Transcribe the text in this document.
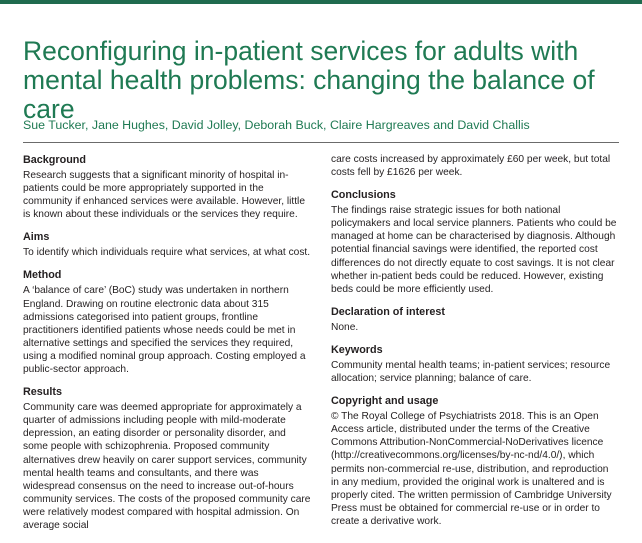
Reconfiguring in-patient services for adults with mental health problems: changing the balance of care
Sue Tucker, Jane Hughes, David Jolley, Deborah Buck, Claire Hargreaves and David Challis
Background

Research suggests that a significant minority of hospital in-patients could be more appropriately supported in the community if enhanced services were available. However, little is known about these individuals or the services they require.

Aims

To identify which individuals require what services, at what cost.

Method

A ‘balance of care’ (BoC) study was undertaken in northern England. Drawing on routine electronic data about 315 admissions categorised into patient groups, frontline practitioners identified patients whose needs could be met in alternative settings and specified the services they required, using a modified nominal group approach. Costing employed a public-sector approach.

Results

Community care was deemed appropriate for approximately a quarter of admissions including people with mild-moderate depression, an eating disorder or personality disorder, and some people with schizophrenia. Proposed community alternatives drew heavily on carer support services, community mental health teams and consultants, and there was widespread consensus on the need to increase out-of-hours community services. The costs of the proposed community care were relatively modest compared with hospital admission. On average social

care costs increased by approximately £60 per week, but total costs fell by £1626 per week.

Conclusions

The findings raise strategic issues for both national policymakers and local service planners. Patients who could be managed at home can be characterised by diagnosis. Although potential financial savings were identified, the reported cost differences do not directly equate to cost savings. It is not clear whether in-patient beds could be reduced. However, existing beds could be more efficiently used.

Declaration of interest

None.

Keywords

Community mental health teams; in-patient services; resource allocation; service planning; balance of care.

Copyright and usage

© The Royal College of Psychiatrists 2018. This is an Open Access article, distributed under the terms of the Creative Commons Attribution-NonCommercial-NoDerivatives licence (http://creativecommons.org/licenses/by-nc-nd/4.0/), which permits non-commercial re-use, distribution, and reproduction in any medium, provided the original work is unaltered and is properly cited. The written permission of Cambridge University Press must be obtained for commercial re-use or in order to create a derivative work.
